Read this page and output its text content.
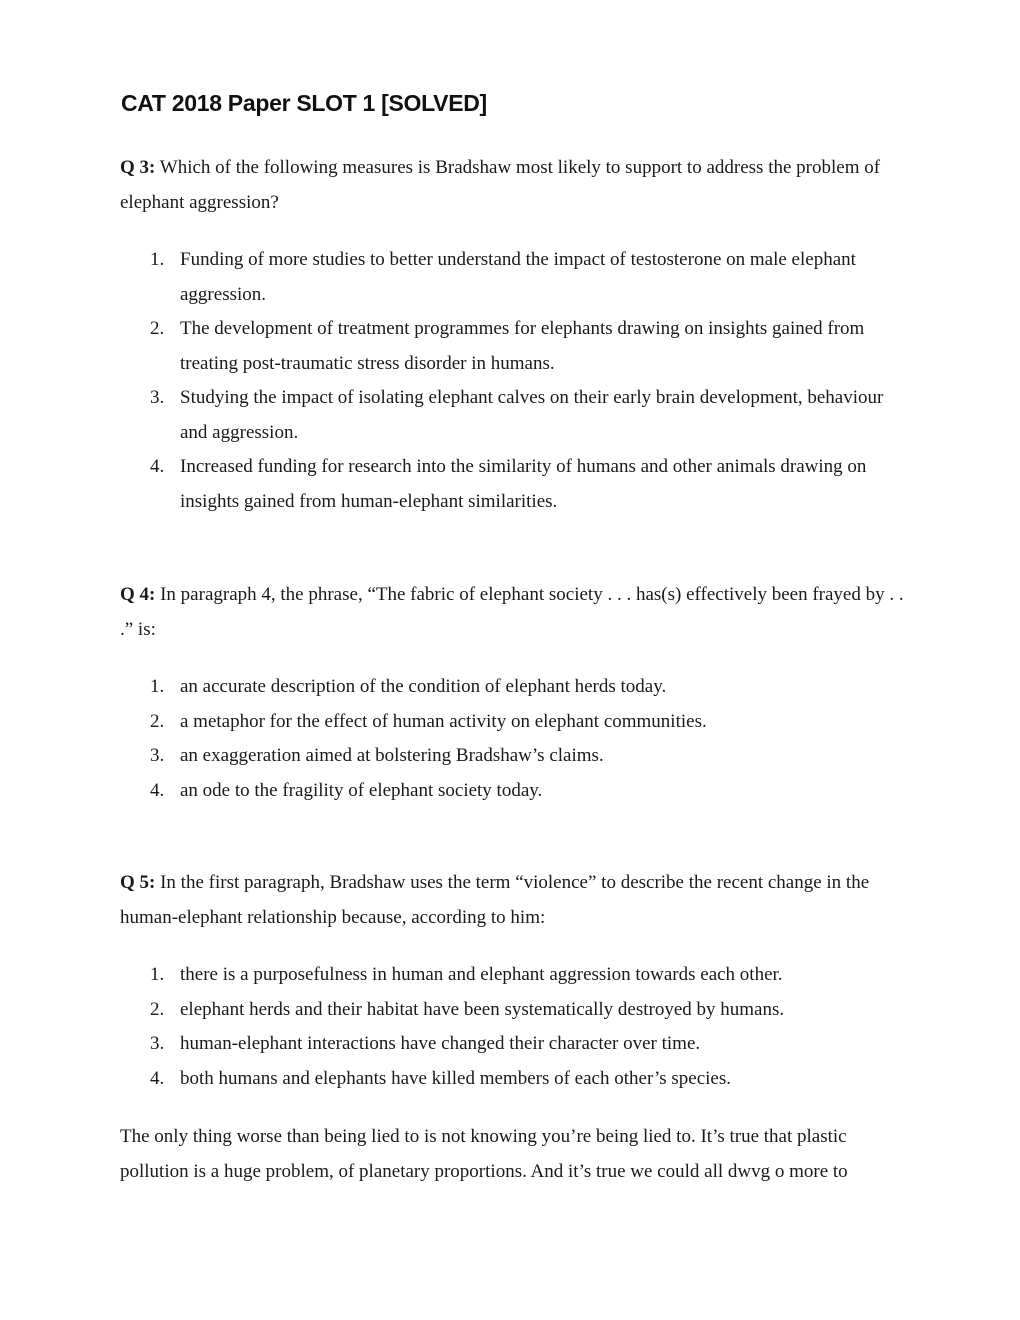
CAT 2018 Paper SLOT 1 [SOLVED]

Q 3: Which of the following measures is Bradshaw most likely to support to address the problem of elephant aggression?

1. Funding of more studies to better understand the impact of testosterone on male elephant aggression.
2. The development of treatment programmes for elephants drawing on insights gained from treating post-traumatic stress disorder in humans.
3. Studying the impact of isolating elephant calves on their early brain development, behaviour and aggression.
4. Increased funding for research into the similarity of humans and other animals drawing on insights gained from human-elephant similarities.

Q 4: In paragraph 4, the phrase, “The fabric of elephant society . . . has(s) effectively been frayed by . . .” is:

1. an accurate description of the condition of elephant herds today.
2. a metaphor for the effect of human activity on elephant communities.
3. an exaggeration aimed at bolstering Bradshaw’s claims.
4. an ode to the fragility of elephant society today.

Q 5: In the first paragraph, Bradshaw uses the term “violence” to describe the recent change in the human-elephant relationship because, according to him:

1. there is a purposefulness in human and elephant aggression towards each other.
2. elephant herds and their habitat have been systematically destroyed by humans.
3. human-elephant interactions have changed their character over time.
4. both humans and elephants have killed members of each other’s species.

The only thing worse than being lied to is not knowing you’re being lied to. It’s true that plastic pollution is a huge problem, of planetary proportions. And it’s true we could all dwvg o more to
